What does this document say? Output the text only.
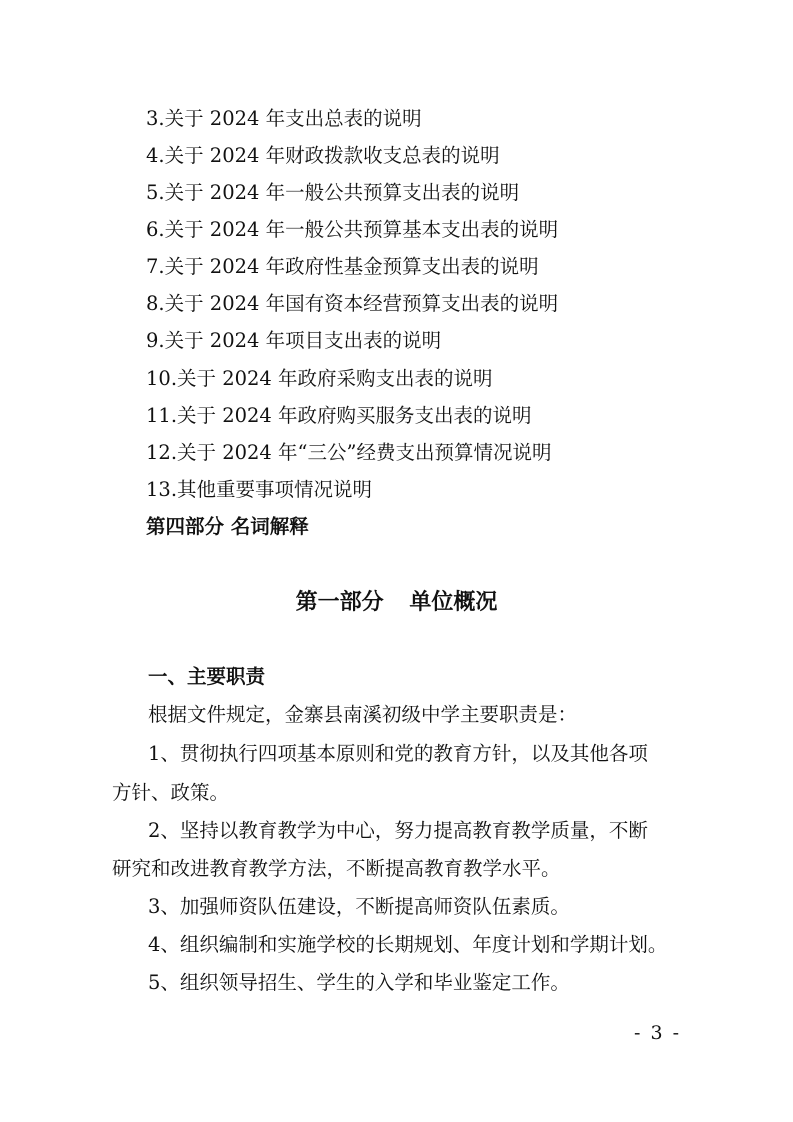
3.关于 2024 年支出总表的说明
4.关于 2024 年财政拨款收支总表的说明
5.关于 2024 年一般公共预算支出表的说明
6.关于 2024 年一般公共预算基本支出表的说明
7.关于 2024 年政府性基金预算支出表的说明
8.关于 2024 年国有资本经营预算支出表的说明
9.关于 2024 年项目支出表的说明
10.关于 2024 年政府采购支出表的说明
11.关于 2024 年政府购买服务支出表的说明
12.关于 2024 年“三公”经费支出预算情况说明
13.其他重要事项情况说明
第四部分 名词解释
第一部分 单位概况
一、主要职责
根据文件规定，金寨县南溪初级中学主要职责是：
1、贯彻执行四项基本原则和党的教育方针，以及其他各项
方针、政策。
2、坚持以教育教学为中心，努力提高教育教学质量，不断
研究和改进教育教学方法，不断提高教育教学水平。
3、加强师资队伍建设，不断提高师资队伍素质。
4、组织编制和实施学校的长期规划、年度计划和学期计划。
5、组织领导招生、学生的入学和毕业鉴定工作。
- 3 -
